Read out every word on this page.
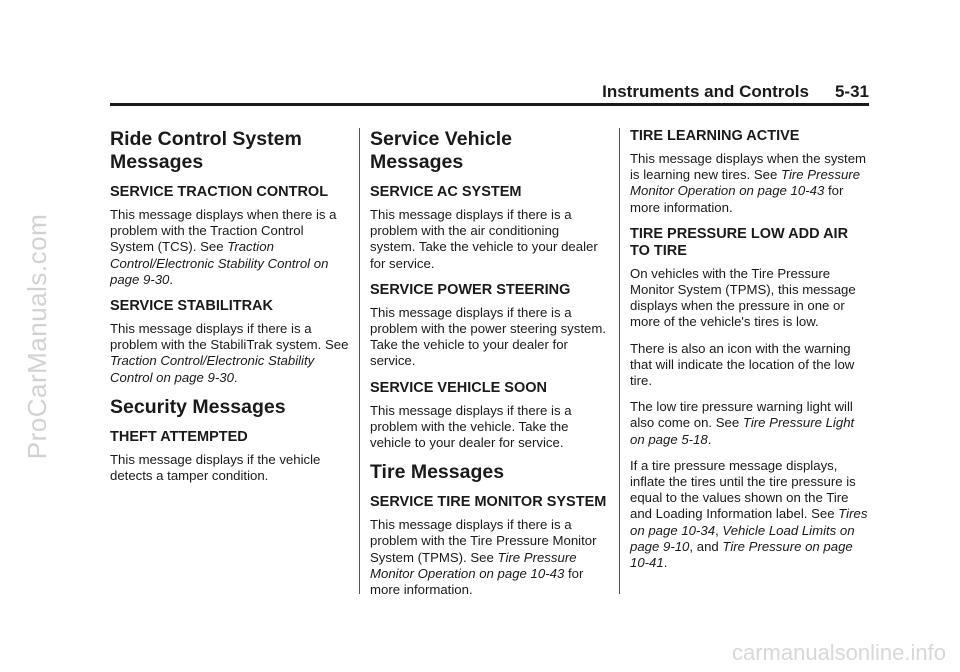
ProCarManuals.com
carmanualsonline.info
Instruments and Controls 5-31
Ride Control System Messages
SERVICE TRACTION CONTROL

This message displays when there is a problem with the Traction Control System (TCS). See Traction Control/Electronic Stability Control on page 9-30.

SERVICE STABILITRAK

This message displays if there is a problem with the StabiliTrak system. See Traction Control/Electronic Stability Control on page 9-30.

Security Messages
THEFT ATTEMPTED

This message displays if the vehicle detects a tamper condition.

Service Vehicle Messages
SERVICE AC SYSTEM

This message displays if there is a problem with the air conditioning system. Take the vehicle to your dealer for service.

SERVICE POWER STEERING

This message displays if there is a problem with the power steering system. Take the vehicle to your dealer for service.

SERVICE VEHICLE SOON

This message displays if there is a problem with the vehicle. Take the vehicle to your dealer for service.

Tire Messages
SERVICE TIRE MONITOR SYSTEM

This message displays if there is a problem with the Tire Pressure Monitor System (TPMS). See Tire Pressure Monitor Operation on page 10-43 for more information.

TIRE LEARNING ACTIVE

This message displays when the system is learning new tires. See Tire Pressure Monitor Operation on page 10-43 for more information.

TIRE PRESSURE LOW ADD AIR TO TIRE

On vehicles with the Tire Pressure Monitor System (TPMS), this message displays when the pressure in one or more of the vehicle's tires is low.

There is also an icon with the warning that will indicate the location of the low tire.

The low tire pressure warning light will also come on. See Tire Pressure Light on page 5-18.

If a tire pressure message displays, inflate the tires until the tire pressure is equal to the values shown on the Tire and Loading Information label. See Tires on page 10-34, Vehicle Load Limits on page 9-10, and Tire Pressure on page 10-41.
